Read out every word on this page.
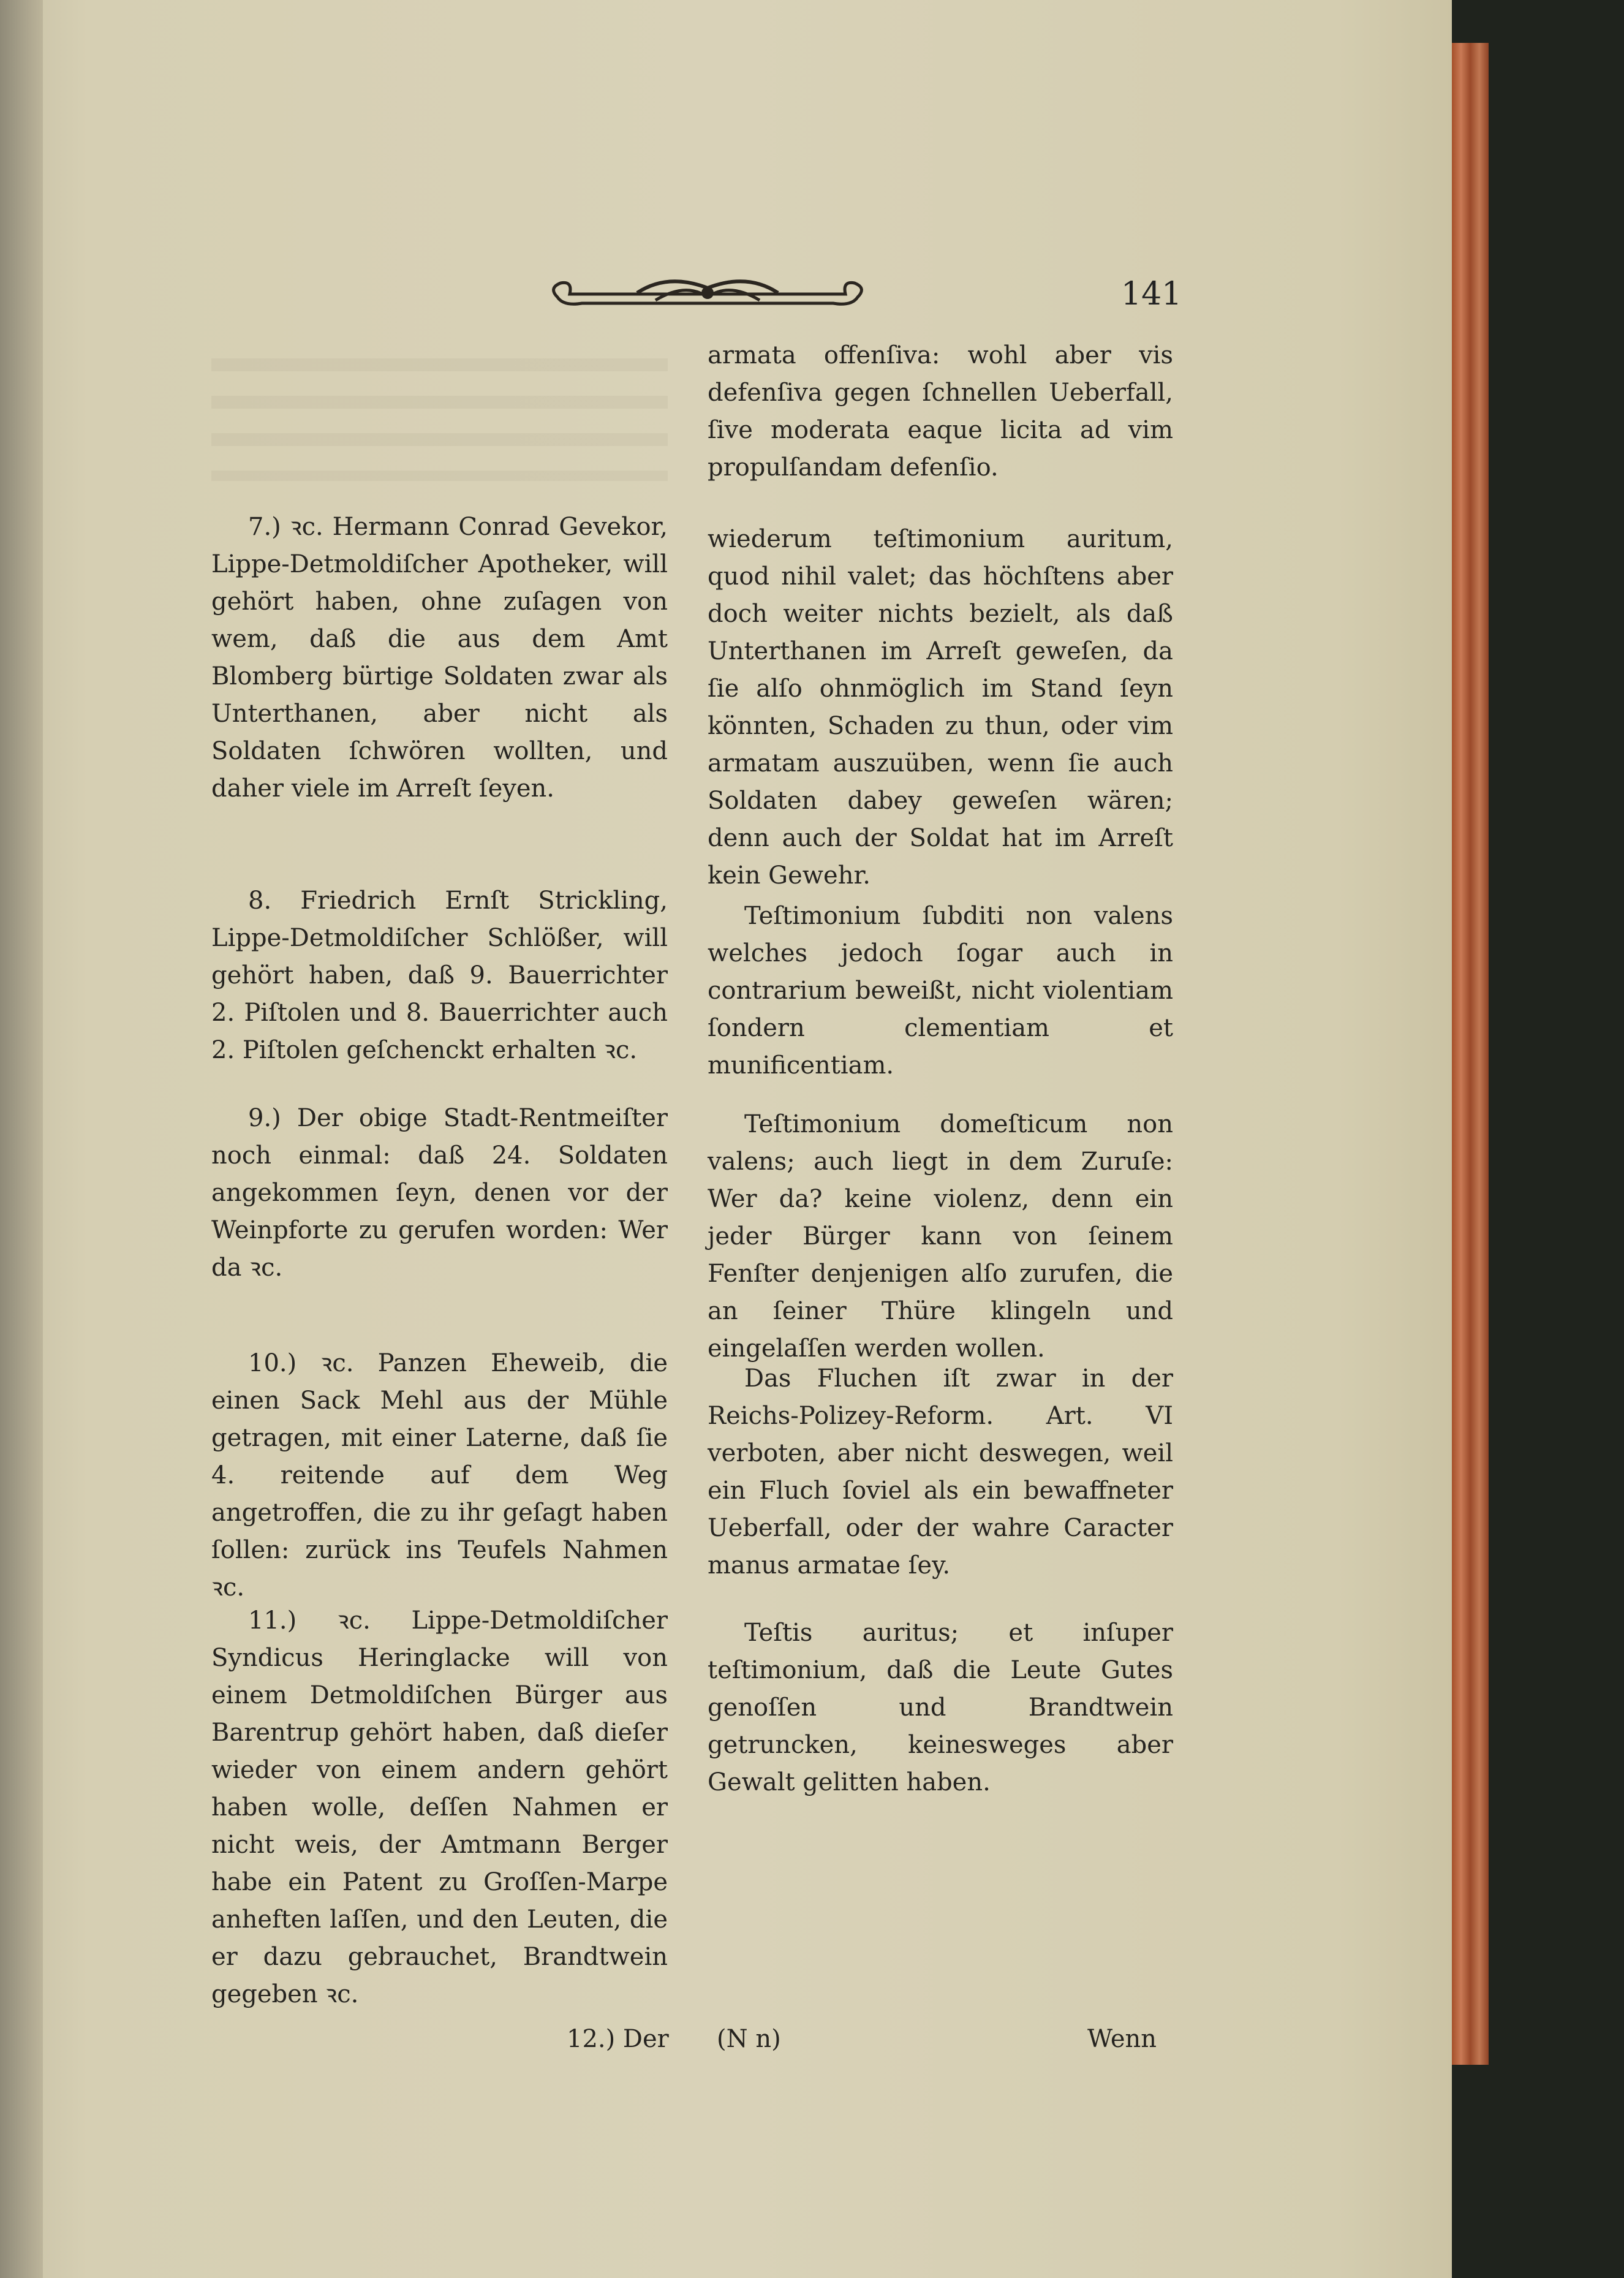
141

7.) ꝛc. Hermann Conrad Gevekor, Lippe-Detmoldiſcher Apotheker, will gehört haben, ohne zuſagen von wem, daß die aus dem Amt Blomberg bürtige Soldaten zwar als Unterthanen, aber nicht als Soldaten ſchwören wollten, und daher viele im Arreſt ſeyen.

8. Friedrich Ernſt Strickling, Lippe-Detmoldiſcher Schlößer, will gehört haben, daß 9. Bauerrichter 2. Piſtolen und 8. Bauerrichter auch 2. Piſtolen geſchenckt erhalten ꝛc.

9.) Der obige Stadt-Rentmeiſter noch einmal: daß 24. Soldaten angekommen ſeyn, denen vor der Weinpforte zu gerufen worden: Wer da ꝛc.

10.) ꝛc. Panzen Eheweib, die einen Sack Mehl aus der Mühle getragen, mit einer Laterne, daß ſie 4. reitende auf dem Weg angetroffen, die zu ihr geſagt haben ſollen: zurück ins Teufels Nahmen ꝛc.

11.) ꝛc. Lippe-Detmoldiſcher Syndicus Heringlacke will von einem Detmoldiſchen Bürger aus Barentrup gehört haben, daß dieſer wieder von einem andern gehört haben wolle, deſſen Nahmen er nicht weis, der Amtmann Berger habe ein Patent zu Groſſen-Marpe anheften laſſen, und den Leuten, die er dazu gebrauchet, Brandtwein gegeben ꝛc.

armata offenſiva: wohl aber vis defenſiva gegen ſchnellen Ueberfall, ſive moderata eaque licita ad vim propulſandam defenſio.

wiederum teſtimonium auritum, quod nihil valet; das höchſtens aber doch weiter nichts bezielt, als daß Unterthanen im Arreſt geweſen, da ſie alſo ohnmöglich im Stand ſeyn könnten, Schaden zu thun, oder vim armatam auszuüben, wenn ſie auch Soldaten dabey geweſen wären; denn auch der Soldat hat im Arreſt kein Gewehr.

Teſtimonium ſubditi non valens welches jedoch ſogar auch in contrarium beweißt, nicht violentiam ſondern clementiam et munificentiam.

Teſtimonium domeſticum non valens; auch liegt in dem Zuruſe: Wer da? keine violenz, denn ein jeder Bürger kann von ſeinem Fenſter denjenigen alſo zurufen, die an ſeiner Thüre klingeln und eingelaſſen werden wollen.

Das Fluchen iſt zwar in der Reichs-Polizey-Reform. Art. VI verboten, aber nicht deswegen, weil ein Fluch ſoviel als ein bewaffneter Ueberfall, oder der wahre Caracter manus armatae ſey.

Teſtis auritus; et inſuper teſtimonium, daß die Leute Gutes genoſſen und Brandtwein getruncken, keinesweges aber Gewalt gelitten haben.

12.) Der (N n)	Wenn
